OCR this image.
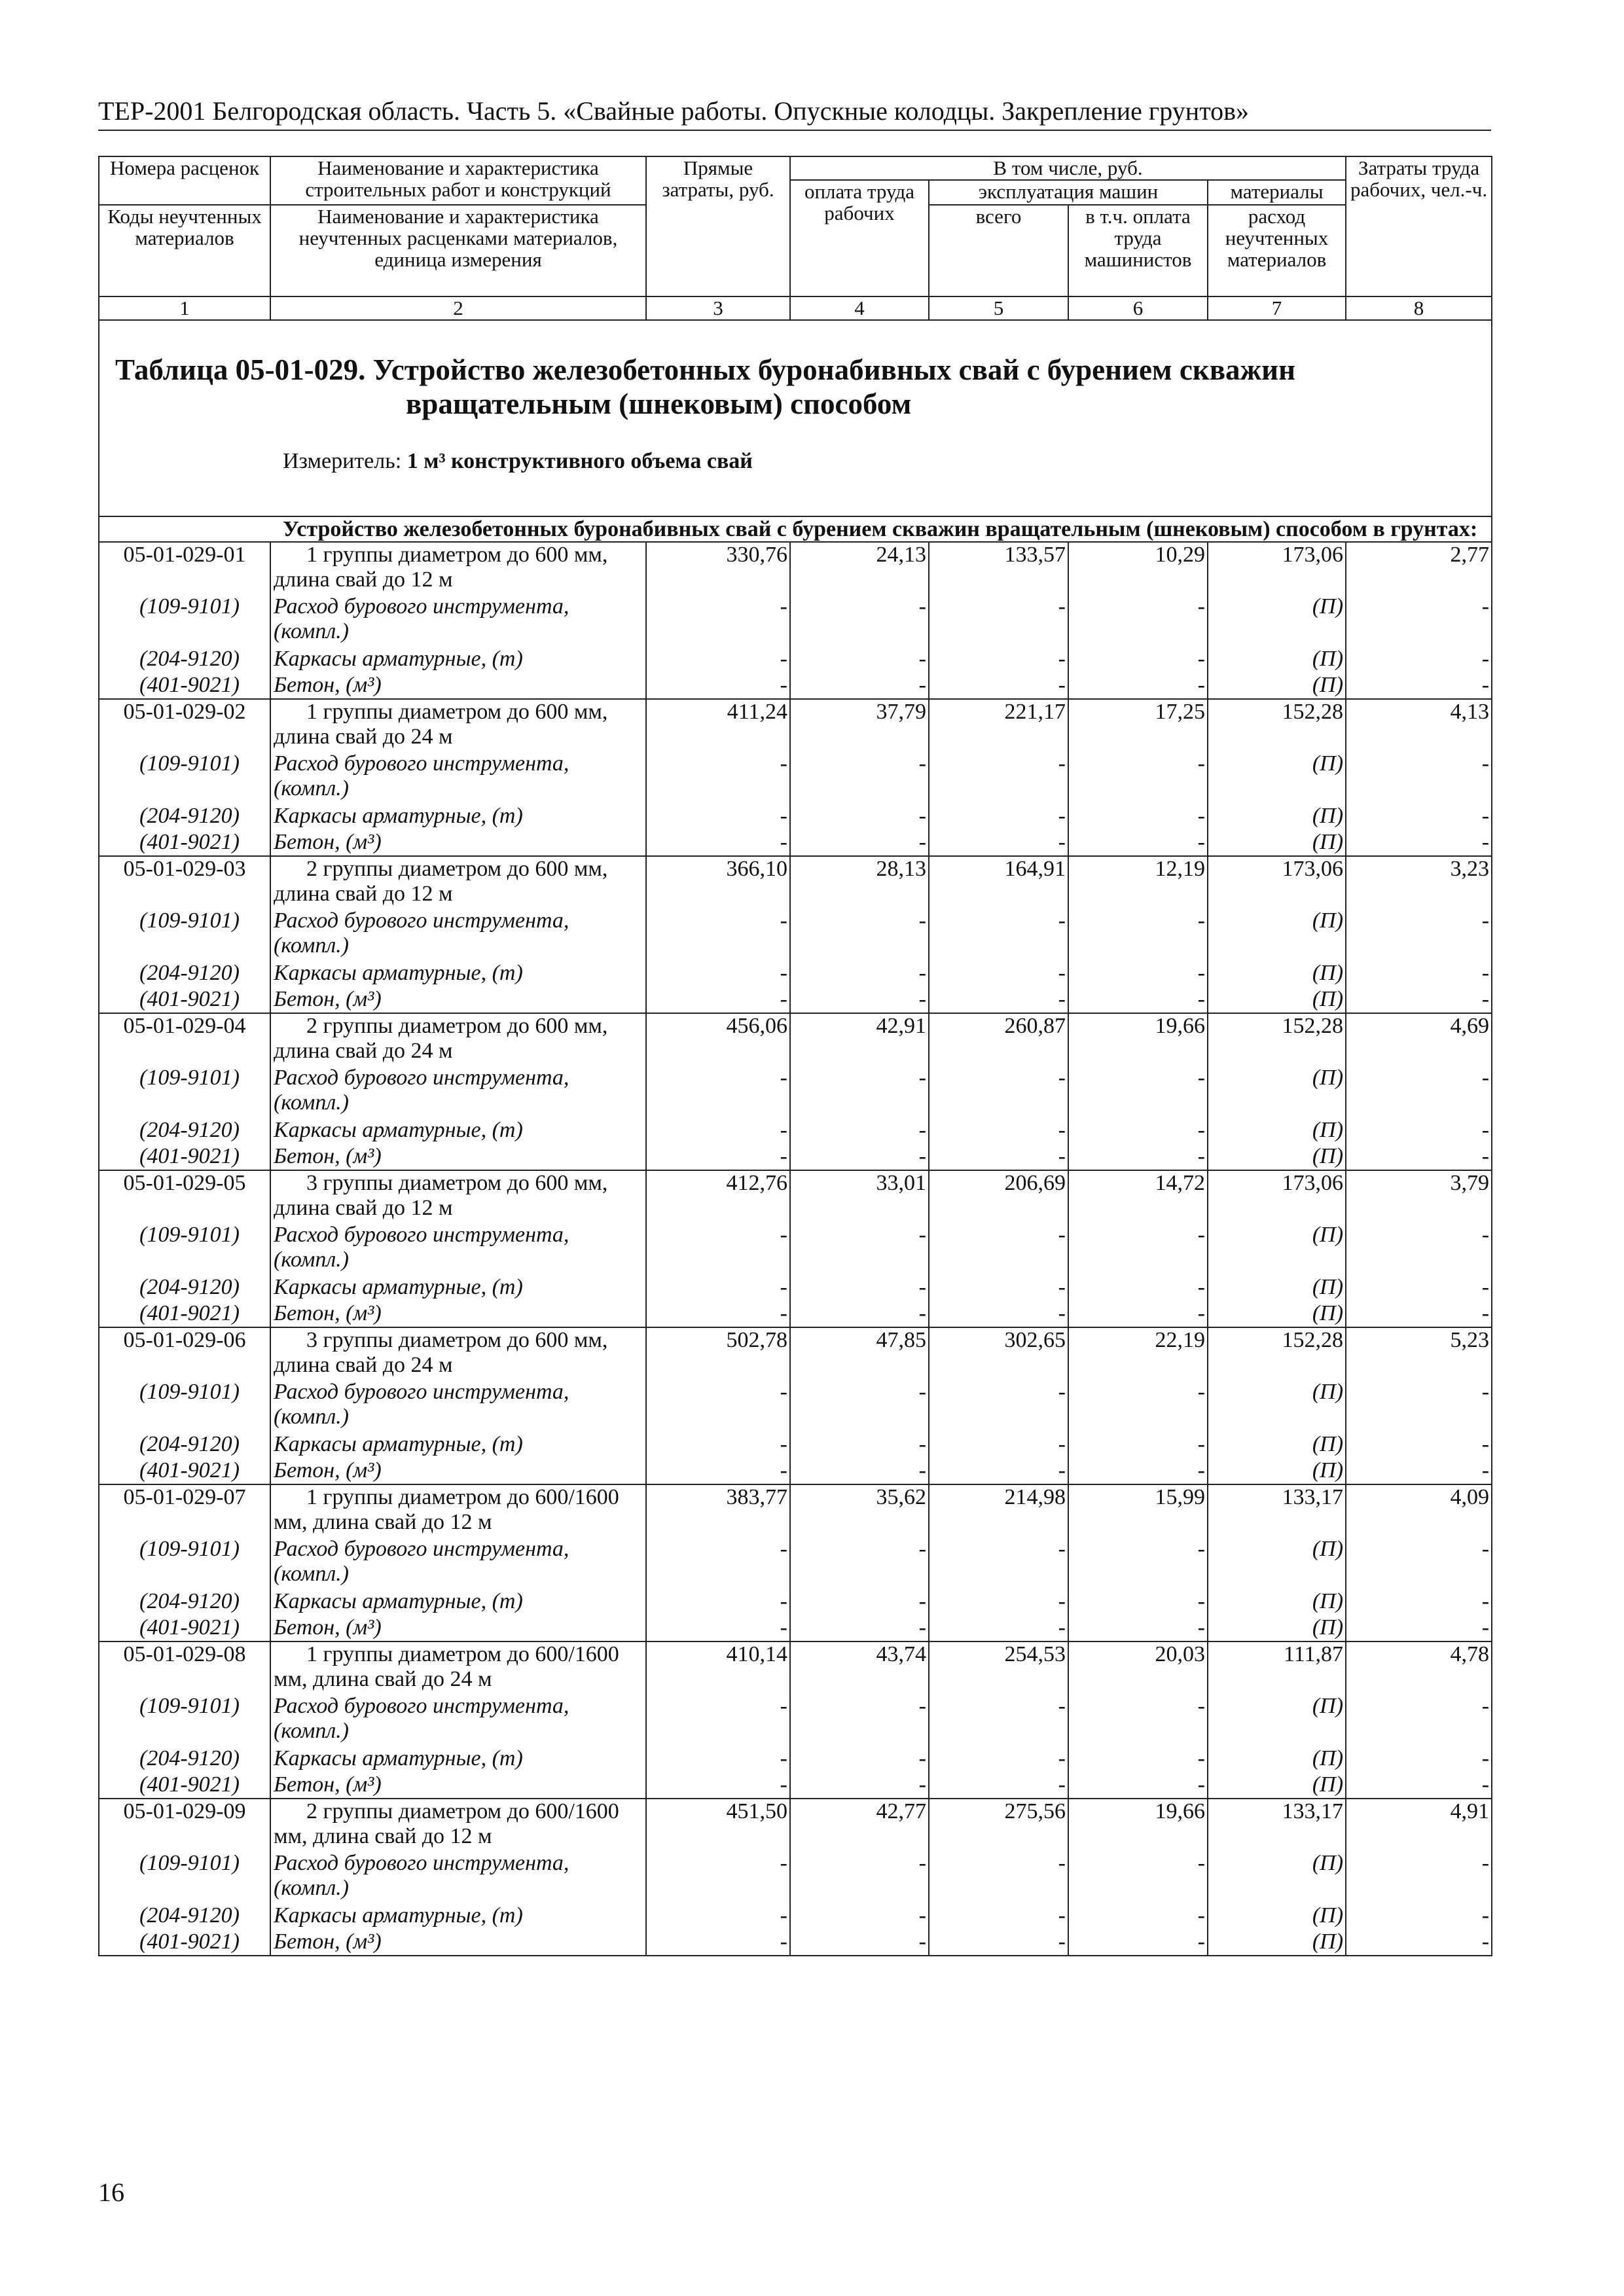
ТЕР-2001 Белгородская область. Часть 5. «Свайные работы. Опускные колодцы. Закрепление грунтов»
Номера расценок	Наименование и характеристика строительных работ и конструкций	Прямые затраты, руб.	В том числе, руб.				Затраты труда рабочих, чел.-ч.
			оплата труда рабочих	эксплуатация машин		материалы	
Коды неучтенных материалов	Наименование и характеристика неучтенных расценками материалов, единица измерения			всего	в т.ч. оплата труда машинистов	расход неучтенных материалов	

1	2	3	4	5	6	7	8

Таблица 05-01-029. Устройство железобетонных буронабивных свай с бурением скважин
вращательным (шнековым) способом
Измеритель: 1 м³ конструктивного объема свай							

Устройство железобетонных буронабивных свай с бурением скважин вращательным (шнековым) способом в грунтах:							
05-01-029-01	1 группы диаметром до 600 мм, длина свай до 12 м	330,76	24,13	133,57	10,29	173,06	2,77
(109-9101)	Расход бурового инструмента, (компл.)	-	-	-	-	(П)	-
(204-9120)	Каркасы арматурные, (т)	-	-	-	-	(П)	-
(401-9021)	Бетон, (м³)	-	-	-	-	(П)	-
05-01-029-02	1 группы диаметром до 600 мм, длина свай до 24 м	411,24	37,79	221,17	17,25	152,28	4,13
(109-9101)	Расход бурового инструмента, (компл.)	-	-	-	-	(П)	-
(204-9120)	Каркасы арматурные, (т)	-	-	-	-	(П)	-
(401-9021)	Бетон, (м³)	-	-	-	-	(П)	-
05-01-029-03	2 группы диаметром до 600 мм, длина свай до 12 м	366,10	28,13	164,91	12,19	173,06	3,23
(109-9101)	Расход бурового инструмента, (компл.)	-	-	-	-	(П)	-
(204-9120)	Каркасы арматурные, (т)	-	-	-	-	(П)	-
(401-9021)	Бетон, (м³)	-	-	-	-	(П)	-
05-01-029-04	2 группы диаметром до 600 мм, длина свай до 24 м	456,06	42,91	260,87	19,66	152,28	4,69
(109-9101)	Расход бурового инструмента, (компл.)	-	-	-	-	(П)	-
(204-9120)	Каркасы арматурные, (т)	-	-	-	-	(П)	-
(401-9021)	Бетон, (м³)	-	-	-	-	(П)	-
05-01-029-05	3 группы диаметром до 600 мм, длина свай до 12 м	412,76	33,01	206,69	14,72	173,06	3,79
(109-9101)	Расход бурового инструмента, (компл.)	-	-	-	-	(П)	-
(204-9120)	Каркасы арматурные, (т)	-	-	-	-	(П)	-
(401-9021)	Бетон, (м³)	-	-	-	-	(П)	-
05-01-029-06	3 группы диаметром до 600 мм, длина свай до 24 м	502,78	47,85	302,65	22,19	152,28	5,23
(109-9101)	Расход бурового инструмента, (компл.)	-	-	-	-	(П)	-
(204-9120)	Каркасы арматурные, (т)	-	-	-	-	(П)	-
(401-9021)	Бетон, (м³)	-	-	-	-	(П)	-
05-01-029-07	1 группы диаметром до 600/1600 мм, длина свай до 12 м	383,77	35,62	214,98	15,99	133,17	4,09
(109-9101)	Расход бурового инструмента, (компл.)	-	-	-	-	(П)	-
(204-9120)	Каркасы арматурные, (т)	-	-	-	-	(П)	-
(401-9021)	Бетон, (м³)	-	-	-	-	(П)	-
05-01-029-08	1 группы диаметром до 600/1600 мм, длина свай до 24 м	410,14	43,74	254,53	20,03	111,87	4,78
(109-9101)	Расход бурового инструмента, (компл.)	-	-	-	-	(П)	-
(204-9120)	Каркасы арматурные, (т)	-	-	-	-	(П)	-
(401-9021)	Бетон, (м³)	-	-	-	-	(П)	-
05-01-029-09	2 группы диаметром до 600/1600 мм, длина свай до 12 м	451,50	42,77	275,56	19,66	133,17	4,91
(109-9101)	Расход бурового инструмента, (компл.)	-	-	-	-	(П)	-
(204-9120)	Каркасы арматурные, (т)	-	-	-	-	(П)	-
(401-9021)	Бетон, (м³)	-	-	-	-	(П)	-
16
